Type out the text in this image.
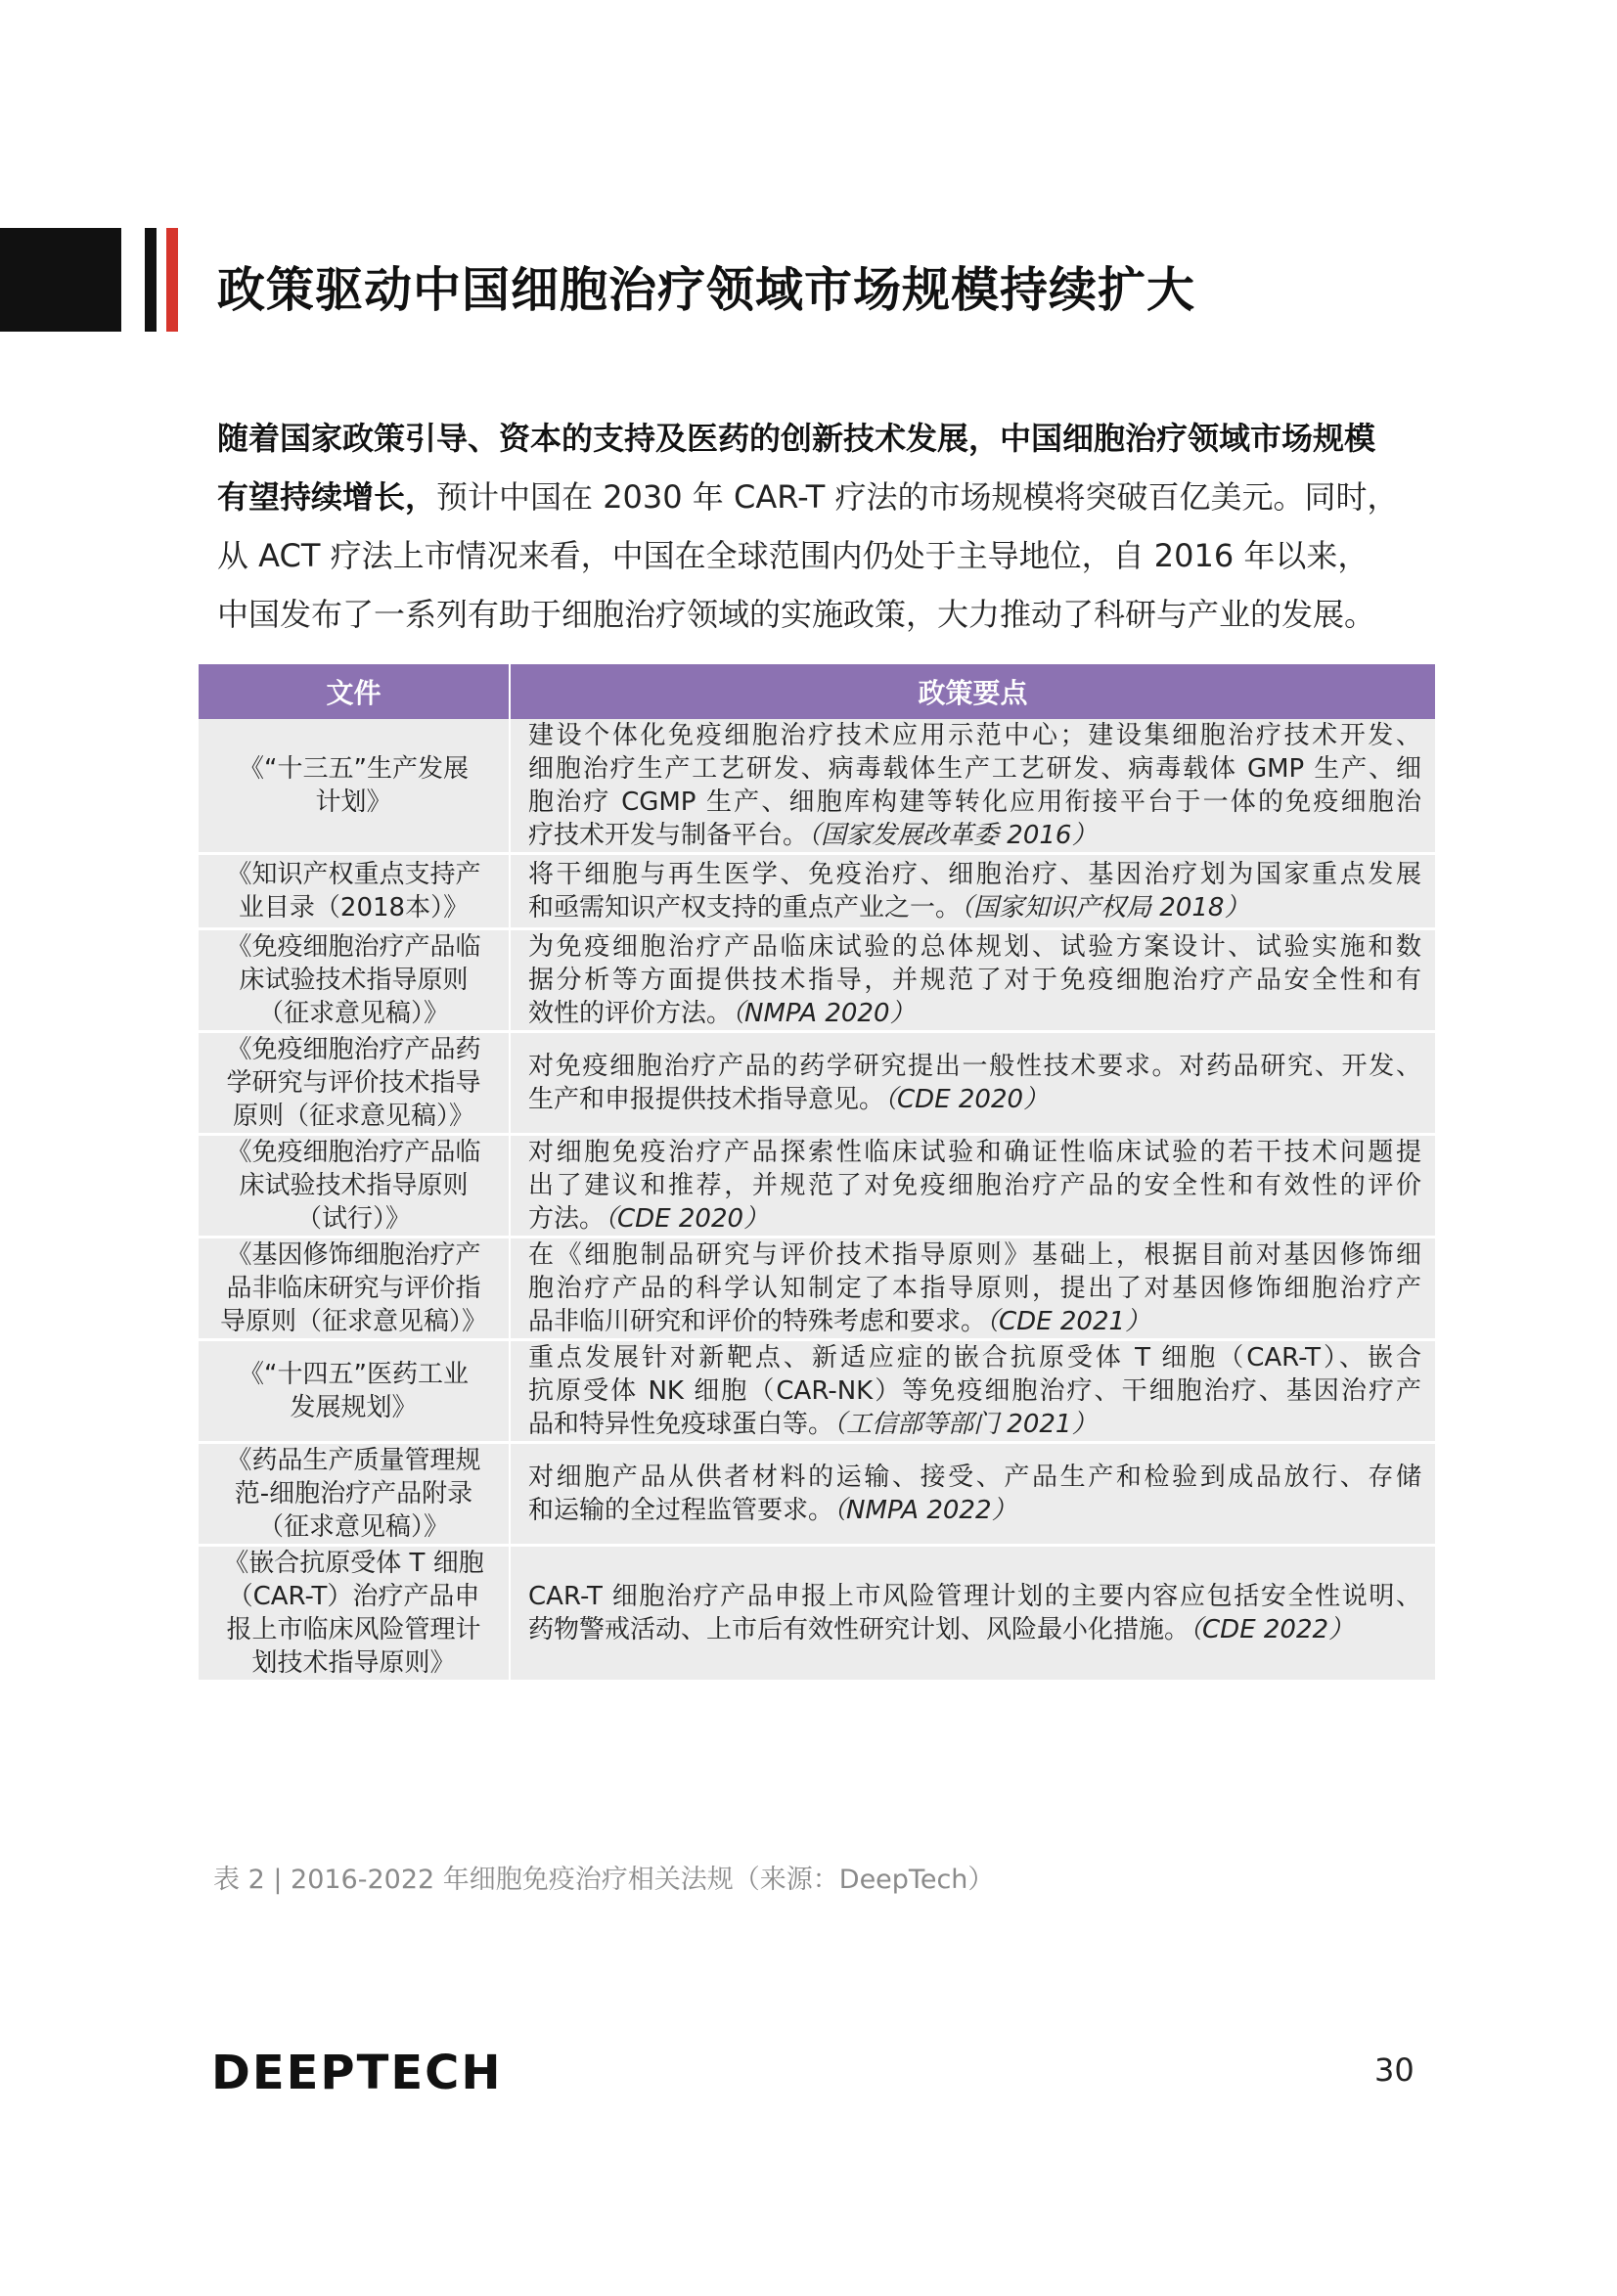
政策驱动中国细胞治疗领域市场规模持续扩大
随着国家政策引导、资本的支持及医药的创新技术发展，中国细胞治疗领域市场规模
有望持续增长，预计中国在 2030 年 CAR-T 疗法的市场规模将突破百亿美元。同时，
从 ACT 疗法上市情况来看，中国在全球范围内仍处于主导地位，自 2016 年以来，
中国发布了一系列有助于细胞治疗领域的实施政策，大力推动了科研与产业的发展。
文件	政策要点

《“十三五”生产发展
计划》	建设个体化免疫细胞治疗技术应用示范中心；建设集细胞治疗技术开发、
细胞治疗生产工艺研发、病毒载体生产工艺研发、病毒载体 GMP 生产、细
胞治疗 CGMP 生产、细胞库构建等转化应用衔接平台于一体的免疫细胞治
疗技术开发与制备平台。（国家发展改革委 2016）

《知识产权重点支持产
业目录（2018本）》	将干细胞与再生医学、免疫治疗、细胞治疗、基因治疗划为国家重点发展
和亟需知识产权支持的重点产业之一。（国家知识产权局 2018）

《免疫细胞治疗产品临
床试验技术指导原则
（征求意见稿）》	为免疫细胞治疗产品临床试验的总体规划、试验方案设计、试验实施和数
据分析等方面提供技术指导，并规范了对于免疫细胞治疗产品安全性和有
效性的评价方法。（NMPA 2020）

《免疫细胞治疗产品药
学研究与评价技术指导
原则（征求意见稿）》	对免疫细胞治疗产品的药学研究提出一般性技术要求。对药品研究、开发、
生产和申报提供技术指导意见。（CDE 2020）

《免疫细胞治疗产品临
床试验技术指导原则
（试行）》	对细胞免疫治疗产品探索性临床试验和确证性临床试验的若干技术问题提
出了建议和推荐，并规范了对免疫细胞治疗产品的安全性和有效性的评价
方法。（CDE 2020）

《基因修饰细胞治疗产
品非临床研究与评价指
导原则（征求意见稿）》	在《细胞制品研究与评价技术指导原则》基础上，根据目前对基因修饰细
胞治疗产品的科学认知制定了本指导原则，提出了对基因修饰细胞治疗产
品非临川研究和评价的特殊考虑和要求。（CDE 2021）

《“十四五”医药工业
发展规划》	重点发展针对新靶点、新适应症的嵌合抗原受体 T 细胞（CAR-T）、嵌合
抗原受体 NK 细胞（CAR-NK）等免疫细胞治疗、干细胞治疗、基因治疗产
品和特异性免疫球蛋白等。（工信部等部门 2021）

《药品生产质量管理规
范-细胞治疗产品附录
（征求意见稿）》	对细胞产品从供者材料的运输、接受、产品生产和检验到成品放行、存储
和运输的全过程监管要求。（NMPA 2022）

《嵌合抗原受体 T 细胞
（CAR-T）治疗产品申
报上市临床风险管理计
划技术指导原则》	CAR-T 细胞治疗产品申报上市风险管理计划的主要内容应包括安全性说明、
药物警戒活动、上市后有效性研究计划、风险最小化措施。（CDE 2022）
表 2 | 2016-2022 年细胞免疫治疗相关法规（来源：DeepTech）
DEEPTECH	30
